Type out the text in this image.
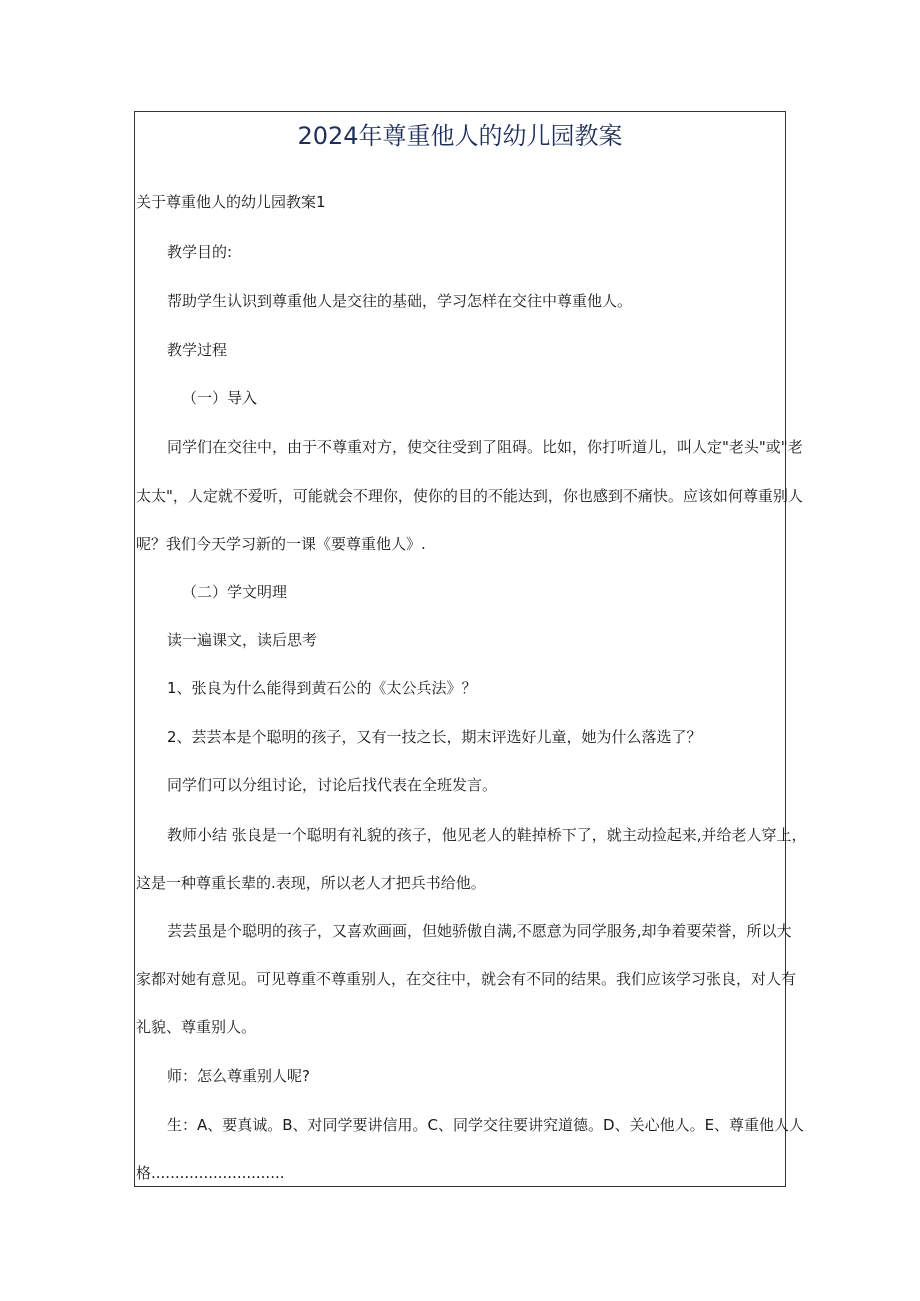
2024年尊重他人的幼儿园教案
关于尊重他人的幼儿园教案1
教学目的:
帮助学生认识到尊重他人是交往的基础，学习怎样在交往中尊重他人。
教学过程
（一）导入
同学们在交往中，由于不尊重对方，使交往受到了阻碍。比如，你打听道儿，叫人定"老头"或"老
太太"，人定就不爱听，可能就会不理你，使你的目的不能达到，你也感到不痛快。应该如何尊重别人
呢？我们今天学习新的一课《要尊重他人》.
（二）学文明理
读一遍课文，读后思考
1、张良为什么能得到黄石公的《太公兵法》？
2、芸芸本是个聪明的孩子，又有一技之长，期末评选好儿童，她为什么落选了？
同学们可以分组讨论，讨论后找代表在全班发言。
教师小结 张良是一个聪明有礼貌的孩子，他见老人的鞋掉桥下了，就主动捡起来,并给老人穿上，
这是一种尊重长辈的.表现，所以老人才把兵书给他。
芸芸虽是个聪明的孩子，又喜欢画画，但她骄傲自满,不愿意为同学服务,却争着要荣誉，所以大
家都对她有意见。可见尊重不尊重别人，在交往中，就会有不同的结果。我们应该学习张良，对人有
礼貌、尊重别人。
师：怎么尊重别人呢?
生：A、要真诚。B、对同学要讲信用。C、同学交往要讲究道德。D、关心他人。E、尊重他人人
格............................
